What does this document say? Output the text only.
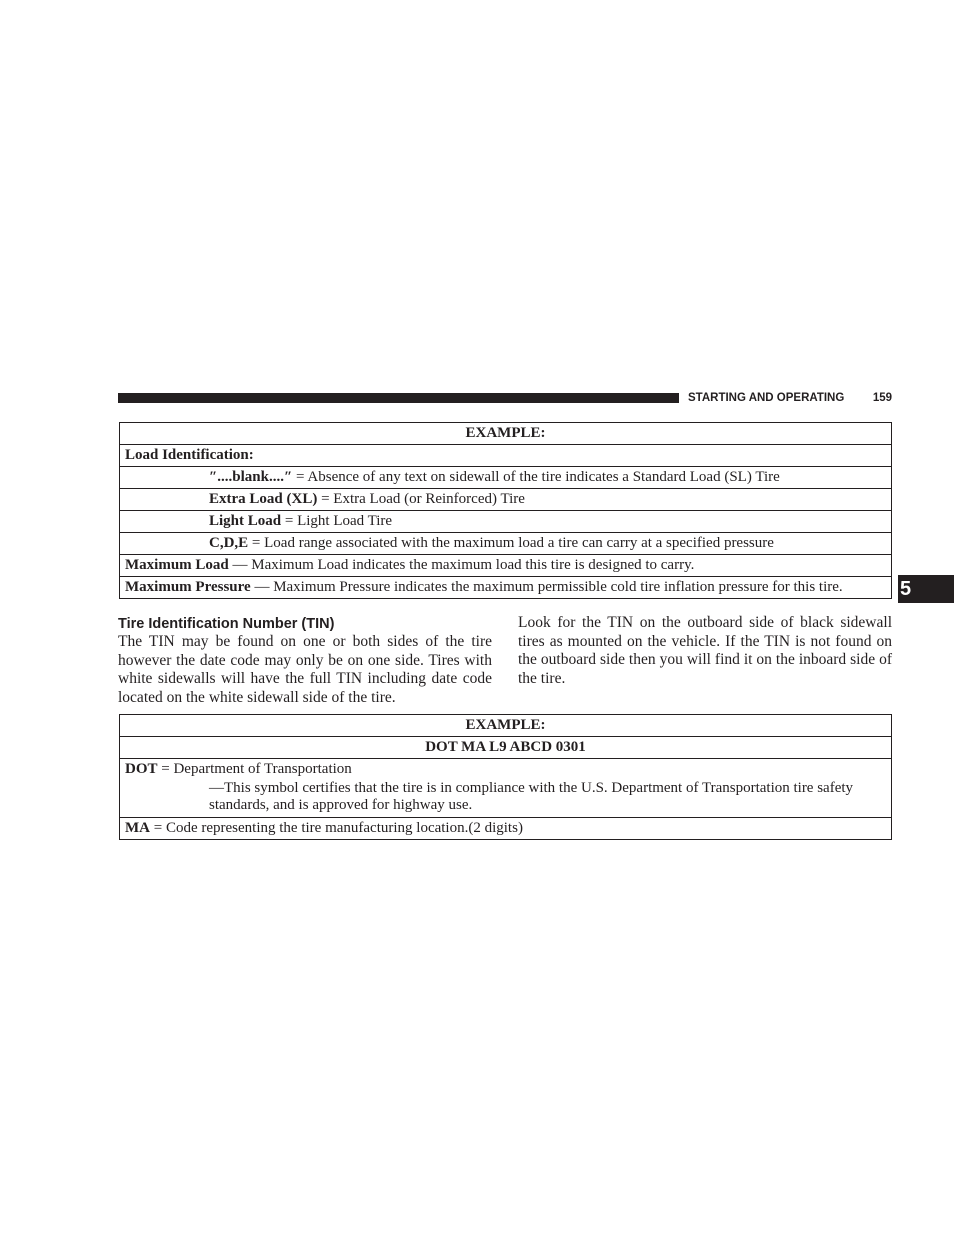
STARTING AND OPERATING 159
EXAMPLE:
Load Identification:
″....blank....″ = Absence of any text on sidewall of the tire indicates a Standard Load (SL) Tire
Extra Load (XL) = Extra Load (or Reinforced) Tire
Light Load = Light Load Tire
C,D,E = Load range associated with the maximum load a tire can carry at a specified pressure
Maximum Load — Maximum Load indicates the maximum load this tire is designed to carry.
Maximum Pressure — Maximum Pressure indicates the maximum permissible cold tire inflation pressure for this tire.	5
Tire Identification Number (TIN)

The TIN may be found on one or both sides of the tire however the date code may only be on one side. Tires with white sidewalls will have the full TIN including date code located on the white sidewall side of the tire.

Look for the TIN on the outboard side of black sidewall tires as mounted on the vehicle. If the TIN is not found on the outboard side then you will find it on the inboard side of the tire.

EXAMPLE:
DOT MA L9 ABCD 0301

DOT = Department of Transportation
—This symbol certifies that the tire is in compliance with the U.S. Department of Transportation tire safety standards, and is approved for highway use.

MA = Code representing the tire manufacturing location.(2 digits)
